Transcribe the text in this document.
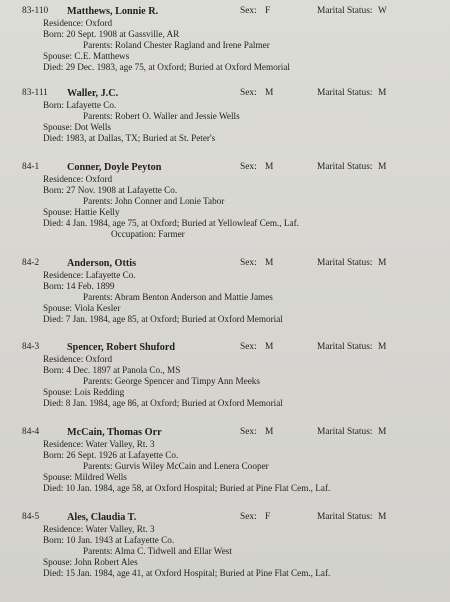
83-110 Matthews, Lonnie R.	Sex: F	Marital Status: W
Residence: Oxford
Born: 20 Sept. 1908 at Gassville, AR
Parents: Roland Chester Ragland and Irene Palmer
Spouse: C.E. Matthews
Died: 29 Dec. 1983, age 75, at Oxford; Buried at Oxford Memorial
83-111 Waller, J.C.	Sex: M	Marital Status: M
Born: Lafayette Co.
Parents: Robert O. Waller and Jessie Wells
Spouse: Dot Wells
Died: 1983, at Dallas, TX; Buried at St. Peter's
84-1	Conner, Doyle Peyton	Sex: M	Marital Status: M
Residence: Oxford
Born: 27 Nov. 1908 at Lafayette Co.
Parents: John Conner and Lonie Tabor
Spouse: Hattie Kelly
Died: 4 Jan. 1984, age 75, at Oxford; Buried at Yellowleaf Cem., Laf.
Occupation: Farmer
84-2	Anderson, Ottis	Sex: M	Marital Status: M
Residence: Lafayette Co.
Born: 14 Feb. 1899
Parents: Abram Benton Anderson and Mattie James
Spouse: Viola Kesler
Died: 7 Jan. 1984, age 85, at Oxford; Buried at Oxford Memorial
84-3	Spencer, Robert Shuford	Sex: M	Marital Status: M
Residence: Oxford
Born: 4 Dec. 1897 at Panola Co., MS
Parents: George Spencer and Timpy Ann Meeks
Spouse: Lois Redding
Died: 8 Jan. 1984, age 86, at Oxford; Buried at Oxford Memorial
84-4	McCain, Thomas Orr	Sex: M	Marital Status: M
Residence: Water Valley, Rt. 3
Born: 26 Sept. 1926 at Lafayette Co.
Parents: Gurvis Wiley McCain and Lenera Cooper
Spouse: Mildred Wells
Died: 10 Jan. 1984, age 58, at Oxford Hospital; Buried at Pine Flat Cem., Laf.
84-5	Ales, Claudia T.	Sex: F	Marital Status: M
Residence: Water Valley, Rt. 3
Born: 10 Jan. 1943 at Lafayette Co.
Parents: Alma C. Tidwell and Ellar West
Spouse: John Robert Ales
Died: 15 Jan. 1984, age 41, at Oxford Hospital; Buried at Pine Flat Cem., Laf.
